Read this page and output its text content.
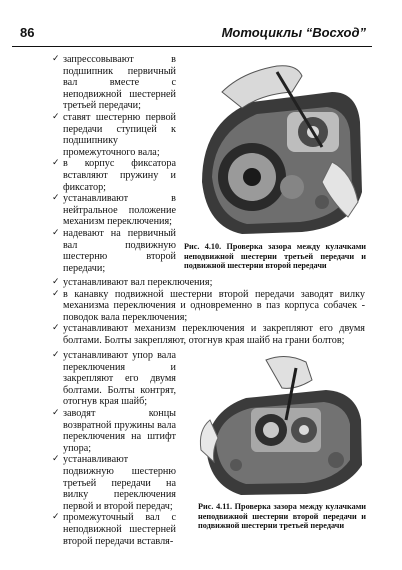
86	Мотоциклы “Восход”

✓ запрессовывают в подшипник первичный вал вместе с неподвижной шестерней третьей передачи;

✓ ставят шестерню первой передачи ступицей к подшипнику промежуточного вала;

✓ в корпус фиксатора вставляют пружину и фиксатор;

✓ устанавливают в нейтральное положение механизм переключения;

✓ надевают на первичный вал подвижную шестерню второй передачи;

Рис. 4.10. Проверка зазора между кулачками неподвижной шестерни третьей передачи и подвижной шестерни второй передачи

✓ устанавливают вал переключения;

✓ в канавку подвижной шестерни второй передачи заводят вилку механизма переключения и одновременно в паз корпуса собачек - поводок вала переключения;

✓ устанавливают механизм переключения и закрепляют его двумя болтами. Болты закрепляют, отогнув края шайб на грани болтов;

✓ устанавливают упор вала переключения и закрепляют его двумя болтами. Болты контрят, отогнув края шайб;

✓ заводят концы возвратной пружины вала переключения на штифт упора;

✓ устанавливают подвижную шестерню третьей передачи на вилку переключения первой и второй передач;

✓ промежуточный вал с неподвижной шестерней второй передачи вставля-

Рис. 4.11. Проверка зазора между кулачками неподвижной шестерни второй передачи и подвижной шестерни третьей передачи
